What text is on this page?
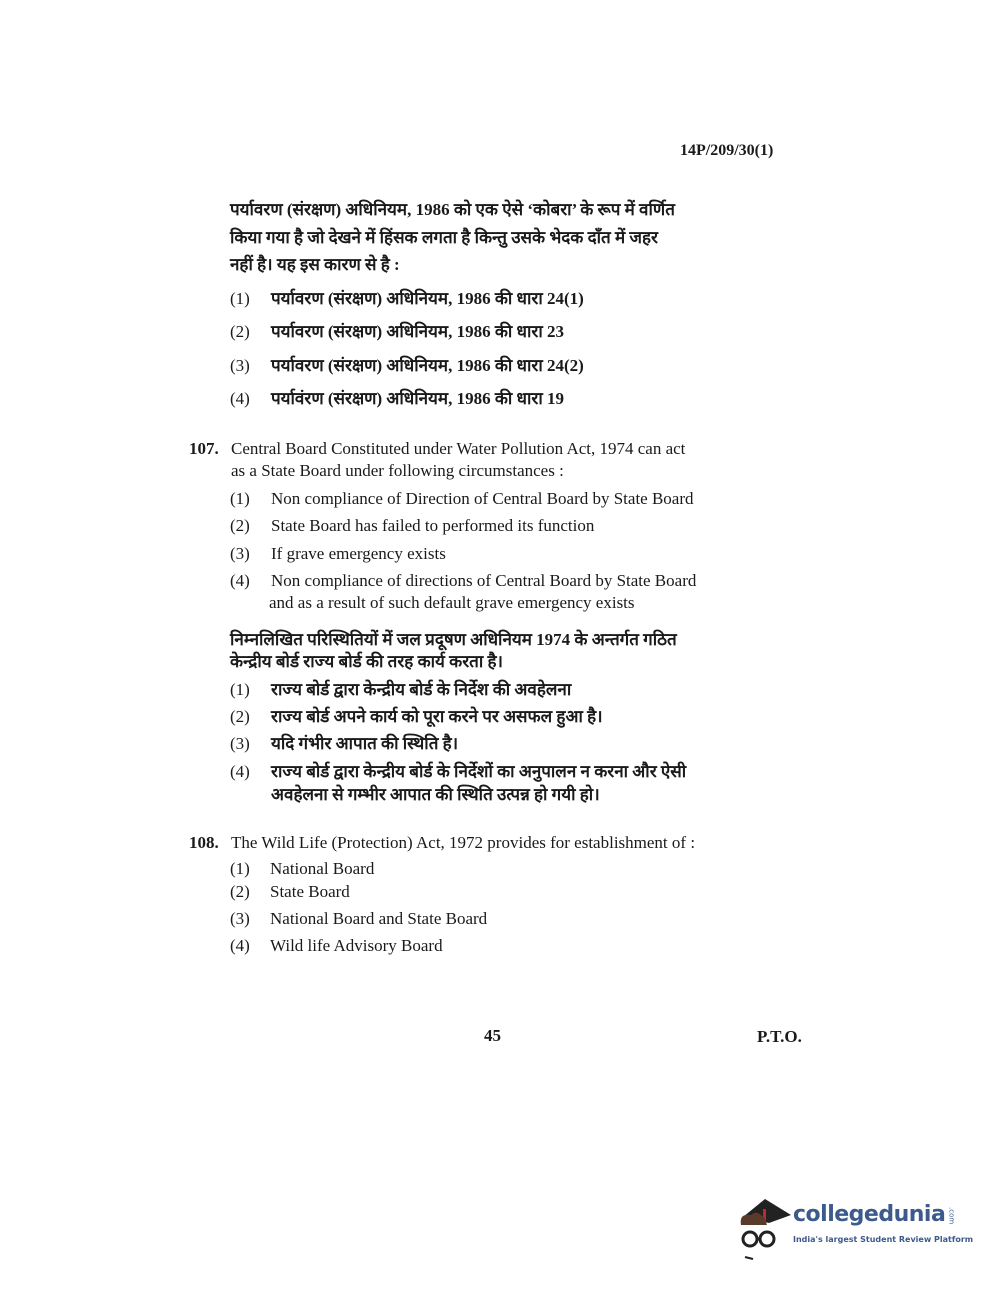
14P/209/30(1)
पर्यावरण (संरक्षण) अधिनियम, 1986 को एक ऐसे ‘कोबरा’ के रूप में वर्णित
किया गया है जो देखने में हिंसक लगता है किन्तु उसके भेदक दाँत में जहर
नहीं है। यह इस कारण से है :
(1) पर्यावरण (संरक्षण) अधिनियम, 1986 की धारा 24(1)
(2) पर्यावरण (संरक्षण) अधिनियम, 1986 की धारा 23
(3) पर्यावरण (संरक्षण) अधिनियम, 1986 की धारा 24(2)
(4) पर्यावंरण (संरक्षण) अधिनियम, 1986 की धारा 19
107. Central Board Constituted under Water Pollution Act, 1974 can act
as a State Board under following circumstances :
(1) Non compliance of Direction of Central Board by State Board
(2) State Board has failed to performed its function
(3) If grave emergency exists
(4) Non compliance of directions of Central Board by State Board
and as a result of such default grave emergency exists
निम्नलिखित परिस्थितियों में जल प्रदूषण अधिनियम 1974 के अन्तर्गत गठित
केन्द्रीय बोर्ड राज्य बोर्ड की तरह कार्य करता है।
(1) राज्य बोर्ड द्वारा केन्द्रीय बोर्ड के निर्देश की अवहेलना
(2) राज्य बोर्ड अपने कार्य को पूरा करने पर असफल हुआ है।
(3) यदि गंभीर आपात की स्थिति है।
(4) राज्य बोर्ड द्वारा केन्द्रीय बोर्ड के निर्देशों का अनुपालन न करना और ऐसी
अवहेलना से गम्भीर आपात की स्थिति उत्पन्न हो गयी हो।
108. The Wild Life (Protection) Act, 1972 provides for establishment of :
(1) National Board
(2) State Board
(3) National Board and State Board
(4) Wild life Advisory Board
45	P.T.O.
collegedunia .com
India's largest Student Review Platform
